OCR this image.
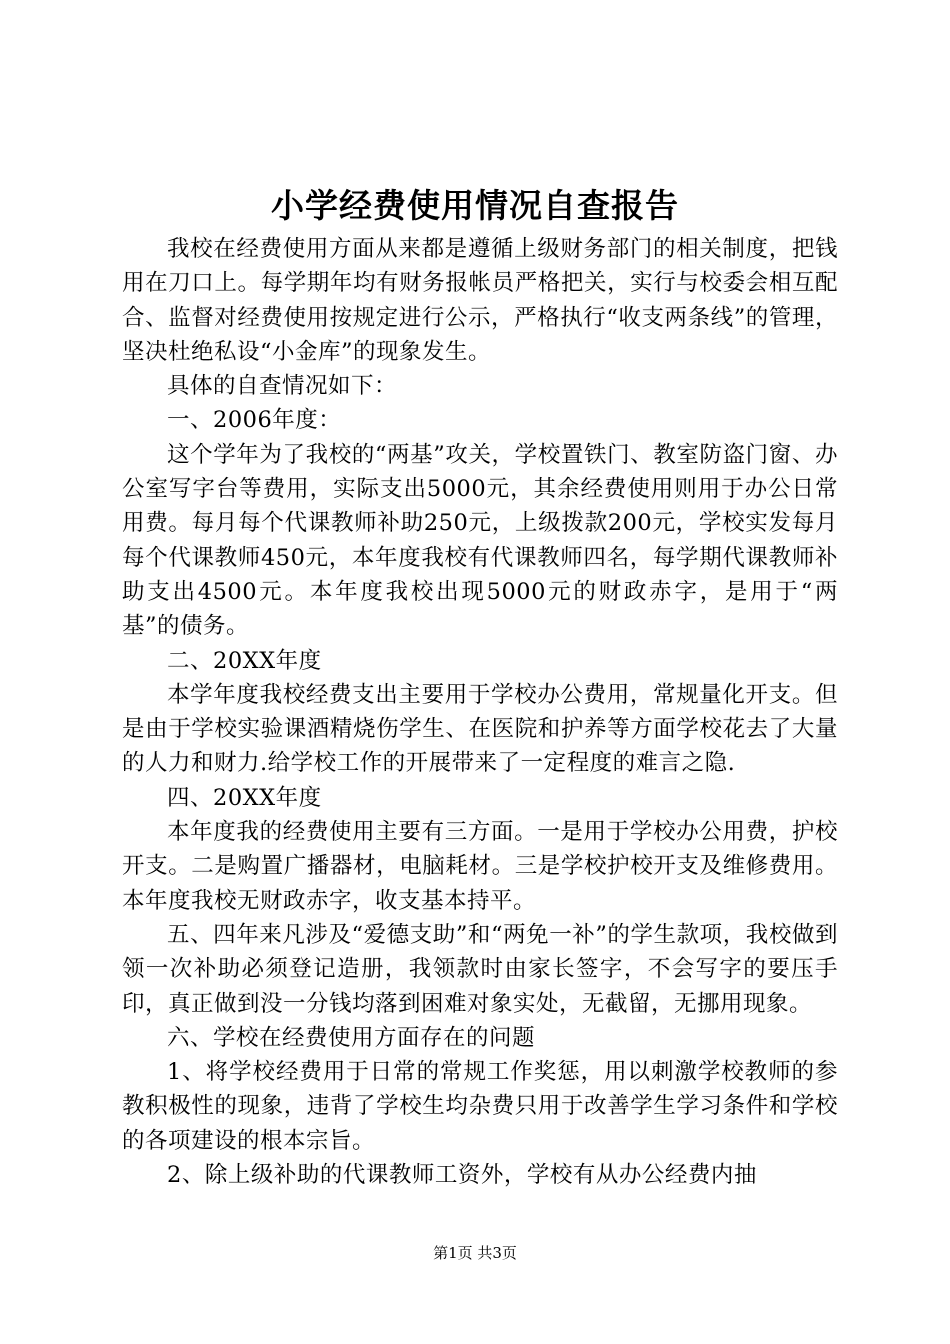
小学经费使用情况自查报告

我校在经费使用方面从来都是遵循上级财务部门的相关制度，把钱用在刀口上。每学期年均有财务报帐员严格把关，实行与校委会相互配合、监督对经费使用按规定进行公示，严格执行“收支两条线”的管理，坚决杜绝私设“小金库”的现象发生。

具体的自查情况如下：

一、2006年度：

这个学年为了我校的“两基”攻关，学校置铁门、教室防盗门窗、办公室写字台等费用，实际支出5000元，其余经费使用则用于办公日常用费。每月每个代课教师补助250元，上级拨款200元，学校实发每月每个代课教师450元，本年度我校有代课教师四名，每学期代课教师补助支出4500元。本年度我校出现5000元的财政赤字，是用于“两基”的债务。

二、20XX年度

本学年度我校经费支出主要用于学校办公费用，常规量化开支。但是由于学校实验课酒精烧伤学生、在医院和护养等方面学校花去了大量的人力和财力.给学校工作的开展带来了一定程度的难言之隐.

四、20XX年度

本年度我的经费使用主要有三方面。一是用于学校办公用费，护校开支。二是购置广播器材，电脑耗材。三是学校护校开支及维修费用。本年度我校无财政赤字，收支基本持平。

五、四年来凡涉及“爱德支助”和“两免一补”的学生款项，我校做到领一次补助必须登记造册，我领款时由家长签字，不会写字的要压手印，真正做到没一分钱均落到困难对象实处，无截留，无挪用现象。

六、学校在经费使用方面存在的问题

1、将学校经费用于日常的常规工作奖惩，用以刺激学校教师的参教积极性的现象，违背了学校生均杂费只用于改善学生学习条件和学校的各项建设的根本宗旨。

2、除上级补助的代课教师工资外，学校有从办公经费内抽

第1页 共3页
